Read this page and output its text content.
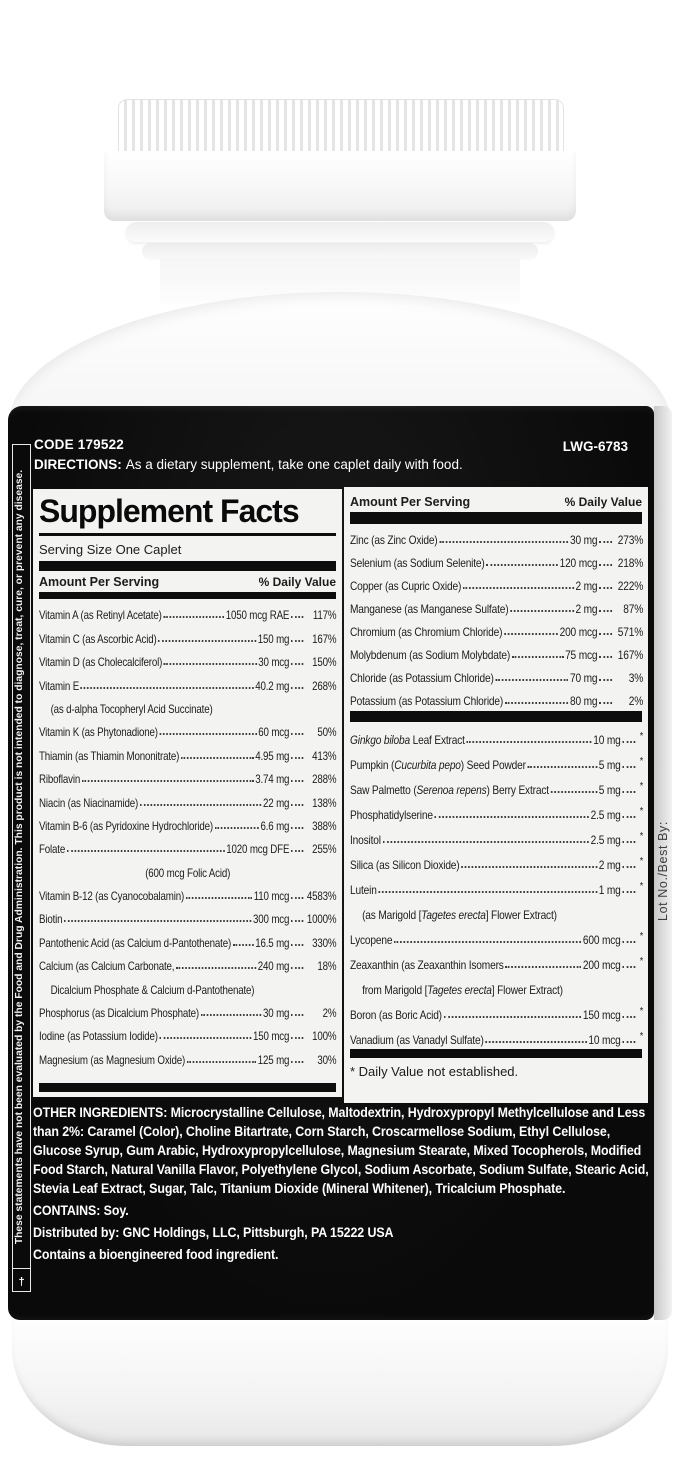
CODE 179522	LWG-6783
DIRECTIONS: As a dietary supplement, take one caplet daily with food.
Supplement Facts
Serving Size One Caplet
Amount Per Serving	% Daily Value
Vitamin A (as Retinyl Acetate)	1050 mcg RAE	117%
Vitamin C (as Ascorbic Acid)	150 mg	167%
Vitamin D (as Cholecalciferol)	30 mcg	150%
Vitamin E	40.2 mg	268%
(as d-alpha Tocopheryl Acid Succinate)
Vitamin K (as Phytonadione)	60 mcg	50%
Thiamin (as Thiamin Mononitrate)	4.95 mg	413%
Riboflavin	3.74 mg	288%
Niacin (as Niacinamide)	22 mg	138%
Vitamin B-6 (as Pyridoxine Hydrochloride)	6.6 mg	388%
Folate	1020 mcg DFE	255%
(600 mcg Folic Acid)
Vitamin B-12 (as Cyanocobalamin)	110 mcg 4583%
Biotin	300 mcg 1000%
Pantothenic Acid (as Calcium d-Pantothenate) 16.5 mg	330%
Calcium (as Calcium Carbonate,	240 mg	18%
Dicalcium Phosphate & Calcium d-Pantothenate)
Phosphorus (as Dicalcium Phosphate)	30 mg	2%
Iodine (as Potassium Iodide)	150 mcg	100%
Magnesium (as Magnesium Oxide)	125 mg	30%
Amount Per Serving	% Daily Value
Zinc (as Zinc Oxide)	30 mg	273%
Selenium (as Sodium Selenite)	120 mcg	218%
Copper (as Cupric Oxide)	2 mg	222%
Manganese (as Manganese Sulfate)	2 mg	87%
Chromium (as Chromium Chloride)	200 mcg	571%
Molybdenum (as Sodium Molybdate)	75 mcg	167%
Chloride (as Potassium Chloride)	70 mg	3%
Potassium (as Potassium Chloride)	80 mg	2%
Ginkgo biloba Leaf Extract	10 mg *
Pumpkin (Cucurbita pepo) Seed Powder	5 mg *
Saw Palmetto (Serenoa repens) Berry Extract	5 mg *
Phosphatidylserine	2.5 mg *
Inositol	2.5 mg *
Silica (as Silicon Dioxide)	2 mg *
Lutein	1 mg *
(as Marigold [Tagetes erecta] Flower Extract)
Lycopene	600 mcg *
Zeaxanthin (as Zeaxanthin Isomers	200 mcg *
from Marigold [Tagetes erecta] Flower Extract)
Boron (as Boric Acid)	150 mcg *
Vanadium (as Vanadyl Sulfate)	10 mcg *
* Daily Value not established.
OTHER INGREDIENTS: Microcrystalline Cellulose, Maltodextrin, Hydroxypropyl Methylcellulose and Less than 2%: Caramel (Color), Choline Bitartrate, Corn Starch, Croscarmellose Sodium, Ethyl Cellulose, Glucose Syrup, Gum Arabic, Hydroxypropylcellulose, Magnesium Stearate, Mixed Tocopherols, Modified Food Starch, Natural Vanilla Flavor, Polyethylene Glycol, Sodium Ascorbate, Sodium Sulfate, Stearic Acid, Stevia Leaf Extract, Sugar, Talc, Titanium Dioxide (Mineral Whitener), Tricalcium Phosphate.
CONTAINS: Soy.
Distributed by: GNC Holdings, LLC, Pittsburgh, PA 15222 USA
Contains a bioengineered food ingredient.
These statements have not been evaluated by the Food and Drug Administration. This product is not intended to diagnose, treat, cure, or prevent any disease.
†
Lot No./Best By:
